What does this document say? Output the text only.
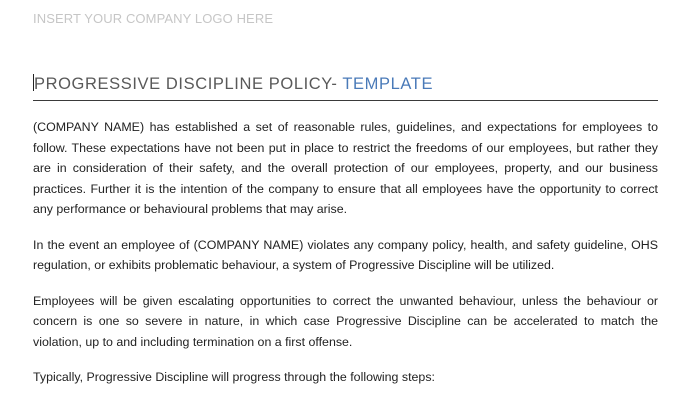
INSERT YOUR COMPANY LOGO HERE
PROGRESSIVE DISCIPLINE POLICY- TEMPLATE

(COMPANY NAME) has established a set of reasonable rules, guidelines, and expectations for employees to follow. These expectations have not been put in place to restrict the freedoms of our employees, but rather they are in consideration of their safety, and the overall protection of our employees, property, and our business practices. Further it is the intention of the company to ensure that all employees have the opportunity to correct any performance or behavioural problems that may arise.

In the event an employee of (COMPANY NAME) violates any company policy, health, and safety guideline, OHS regulation, or exhibits problematic behaviour, a system of Progressive Discipline will be utilized.

Employees will be given escalating opportunities to correct the unwanted behaviour, unless the behaviour or concern is one so severe in nature, in which case Progressive Discipline can be accelerated to match the violation, up to and including termination on a first offense.

Typically, Progressive Discipline will progress through the following steps:
